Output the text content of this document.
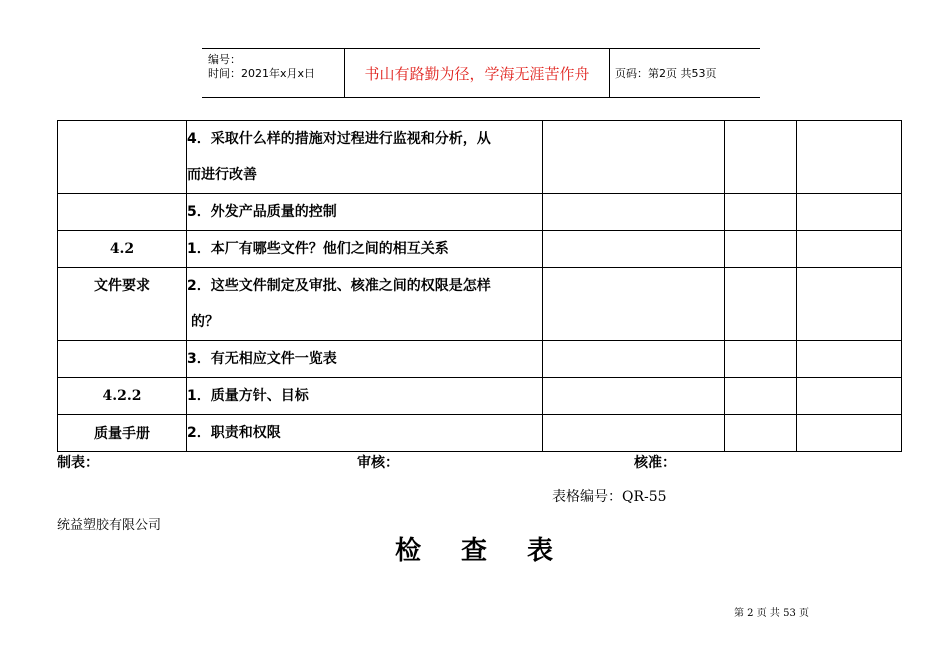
编号：
时间：2021年x月x日	书山有路勤为径，学海无涯苦作舟	页码：第2页 共53页

	4．采取什么样的措施对过程进行监视和分析，从
而进行改善			

	5．外发产品质量的控制			

4.2	1．本厂有哪些文件？他们之间的相互关系			

文件要求	2．这些文件制定及审批、核准之间的权限是怎样
的？			

	3．有无相应文件一览表			

4.2.2	1．质量方针、目标			

质量手册	2．职责和权限			

制表：	审核：	核准：
表格编号：QR-55
统益塑胶有限公司
检查表
第 2 页 共 53 页
